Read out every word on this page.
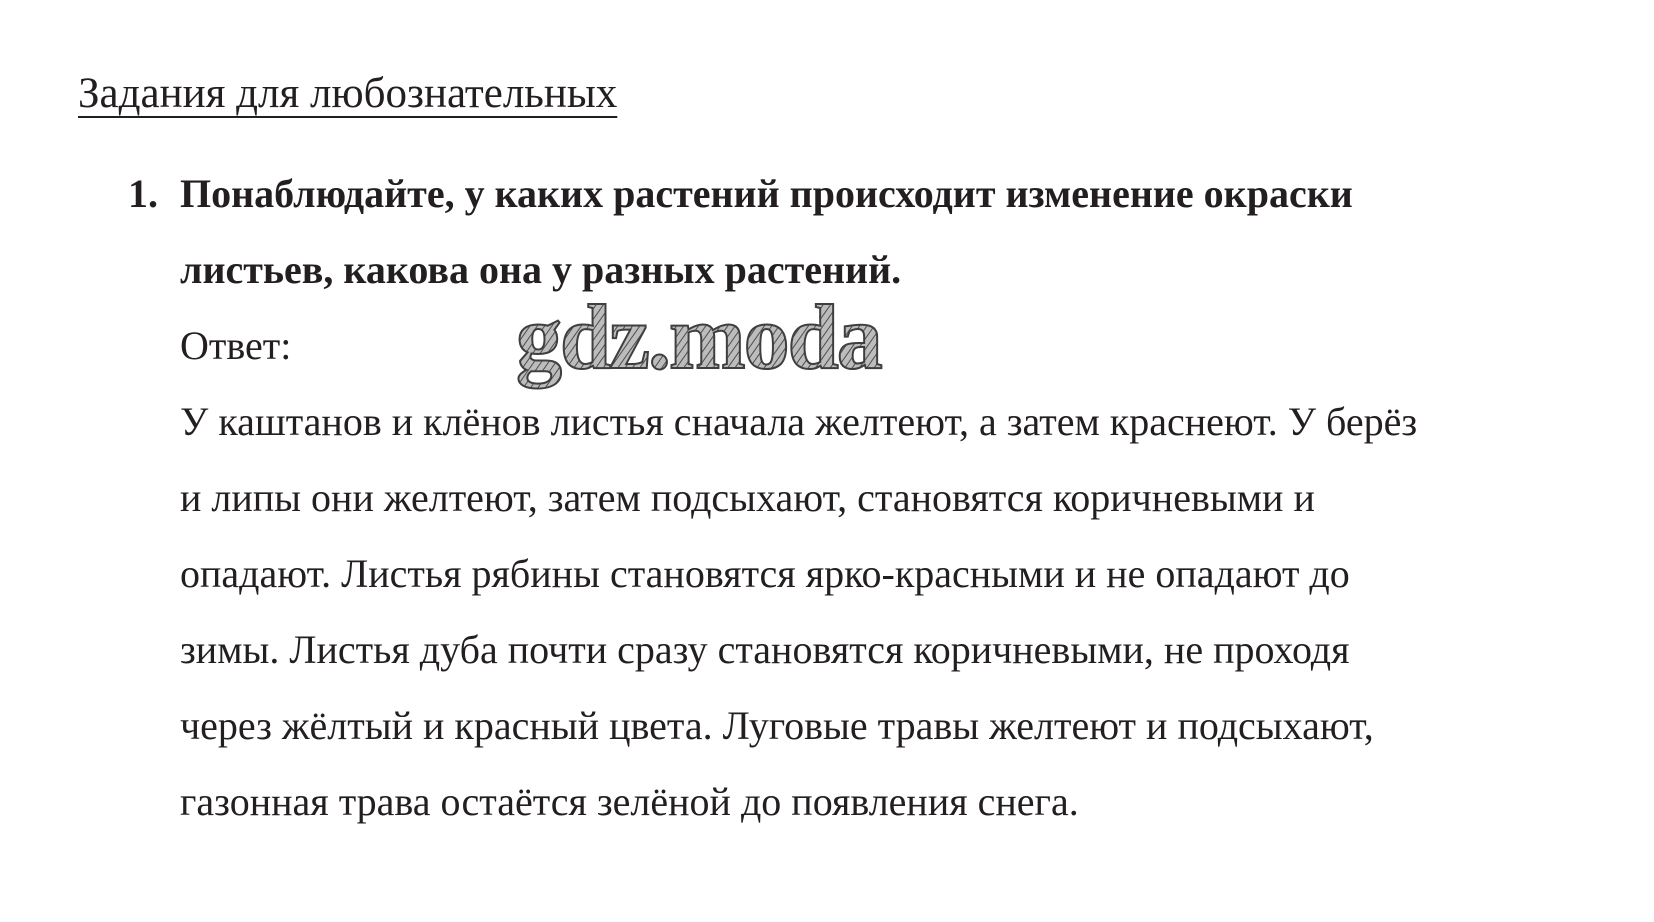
Задания для любознательных
1. Понаблюдайте, у каких растений происходит изменение окраски

листьев, какова она у разных растений.

Ответ:

У каштанов и клёнов листья сначала желтеют, а затем краснеют. У берёз

и липы они желтеют, затем подсыхают, становятся коричневыми и

опадают. Листья рябины становятся ярко-красными и не опадают до

зимы. Листья дуба почти сразу становятся коричневыми, не проходя

через жёлтый и красный цвета. Луговые травы желтеют и подсыхают,

газонная трава остаётся зелёной до появления снега.

gdz.moda
